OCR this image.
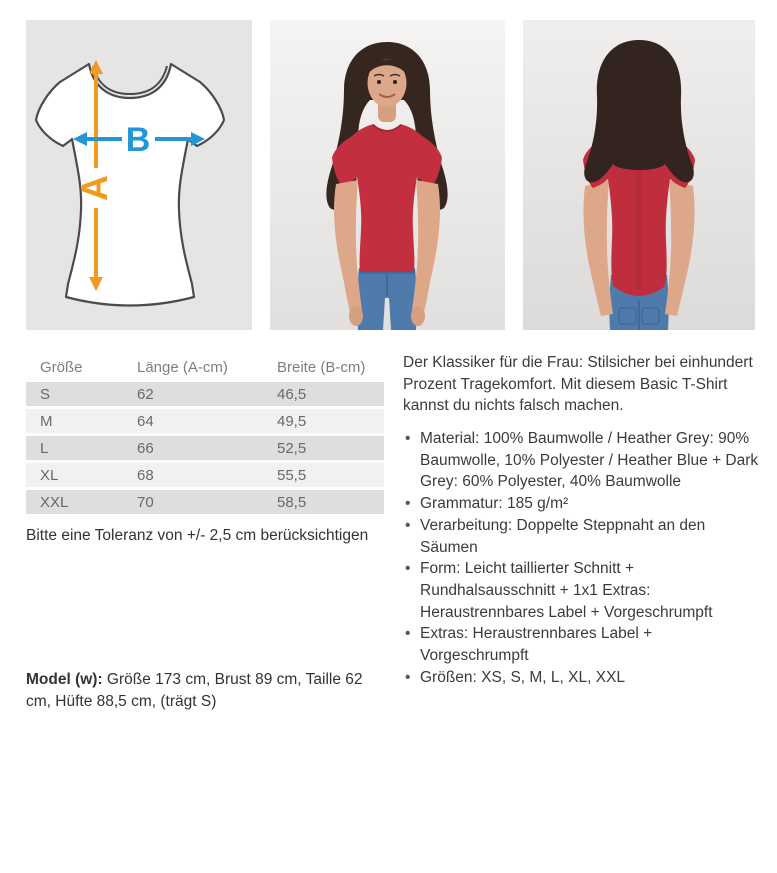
A
B
Größe	Länge (A-cm)	Breite (B-cm)
S	62	46,5
M	64	49,5
L	66	52,5
XL	68	55,5
XXL	70	58,5
Bitte eine Toleranz von +/- 2,5 cm berücksichtigen
Model (w): Größe 173 cm, Brust 89 cm, Taille 62 cm, Hüfte 88,5 cm, (trägt S)

Der Klassiker für die Frau: Stilsicher bei einhundert Prozent Tragekomfort. Mit diesem Basic T-Shirt kannst du nichts falsch machen.

• Material: 100% Baumwolle / Heather Grey: 90% Baumwolle, 10% Polyester / Heather Blue + Dark Grey: 60% Polyester, 40% Baumwolle
• Grammatur: 185 g/m²
• Verarbeitung: Doppelte Steppnaht an den Säumen
• Form: Leicht taillierter Schnitt + Rundhalsausschnitt + 1x1 Extras: Heraustrennbares Label + Vorgeschrumpft
• Extras: Heraustrennbares Label + Vorgeschrumpft
• Größen: XS, S, M, L, XL, XXL
